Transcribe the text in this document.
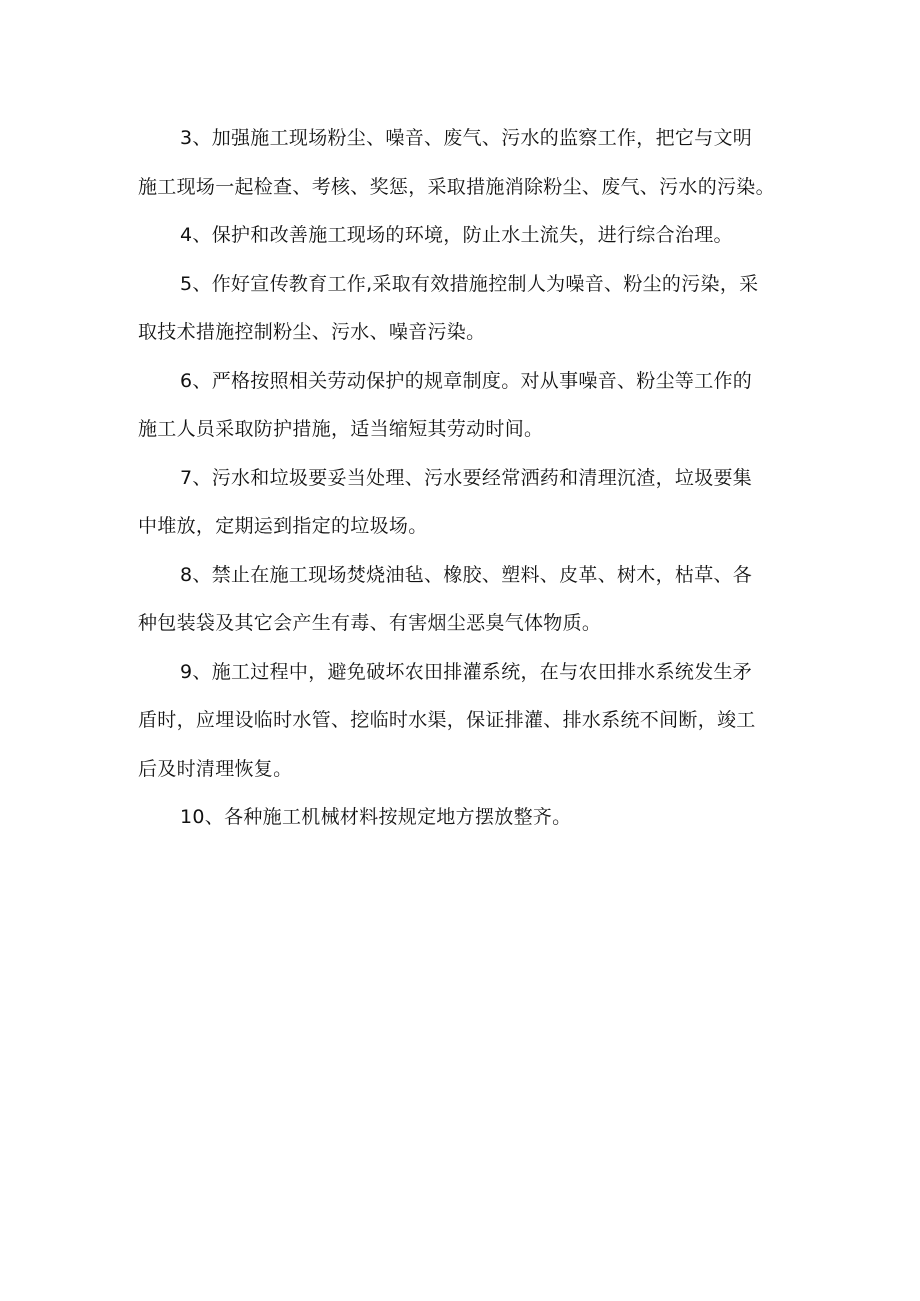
3、加强施工现场粉尘、噪音、废气、污水的监察工作，把它与文明
施工现场一起检查、考核、奖惩，采取措施消除粉尘、废气、污水的污染。
4、保护和改善施工现场的环境，防止水土流失，进行综合治理。
5、作好宣传教育工作,采取有效措施控制人为噪音、粉尘的污染，采
取技术措施控制粉尘、污水、噪音污染。
6、严格按照相关劳动保护的规章制度。对从事噪音、粉尘等工作的
施工人员采取防护措施，适当缩短其劳动时间。
7、污水和垃圾要妥当处理、污水要经常洒药和清理沉渣，垃圾要集
中堆放，定期运到指定的垃圾场。
8、禁止在施工现场焚烧油毡、橡胶、塑料、皮革、树木，枯草、各
种包装袋及其它会产生有毒、有害烟尘恶臭气体物质。
9、施工过程中，避免破坏农田排灌系统，在与农田排水系统发生矛
盾时，应埋设临时水管、挖临时水渠，保证排灌、排水系统不间断，竣工
后及时清理恢复。
10、各种施工机械材料按规定地方摆放整齐。
